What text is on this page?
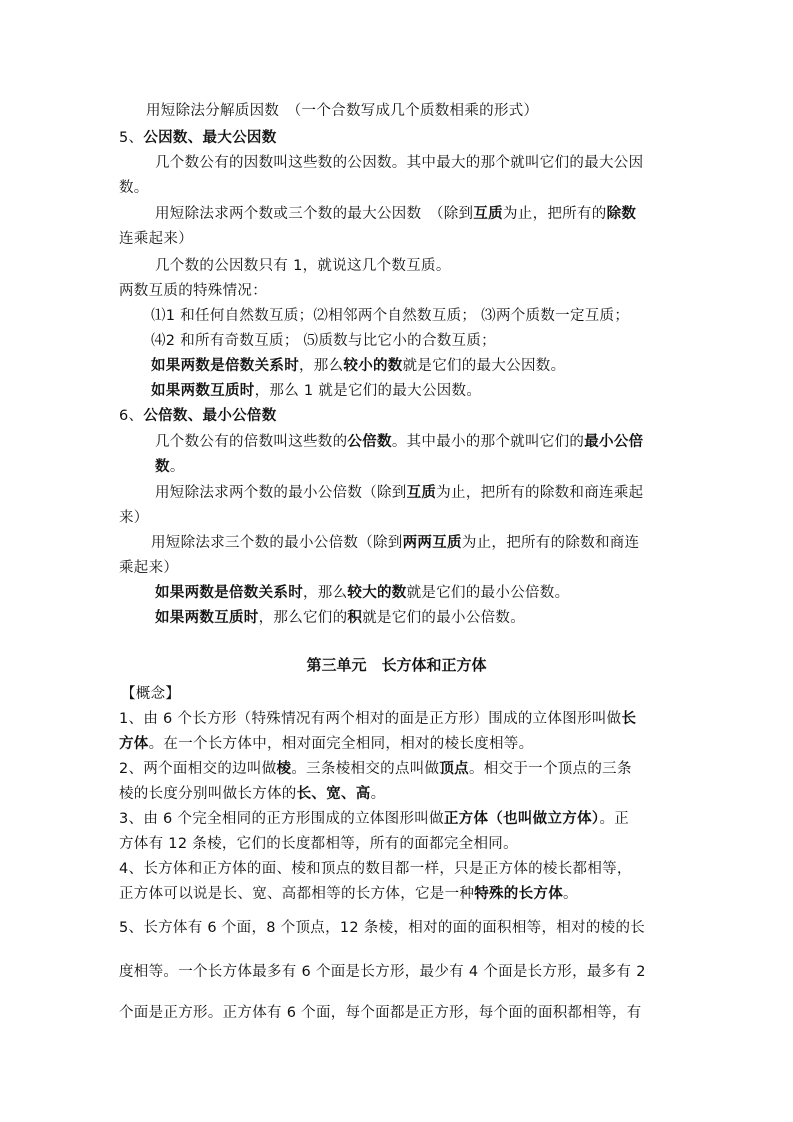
第三单元　长方体和正方体
用短除法分解质因数　（一个合数写成几个质数相乘的形式）
5、公因数、最大公因数
几个数公有的因数叫这些数的公因数。其中最大的那个就叫它们的最大公因
数。
用短除法求两个数或三个数的最大公因数　（除到互质为止，把所有的除数
连乘起来）
几个数的公因数只有 1，就说这几个数互质。
两数互质的特殊情况：
⑴1 和任何自然数互质；⑵相邻两个自然数互质； ⑶两个质数一定互质；
⑷2 和所有奇数互质； ⑸质数与比它小的合数互质；
如果两数是倍数关系时，那么较小的数就是它们的最大公因数。
如果两数互质时，那么 1 就是它们的最大公因数。
6、公倍数、最小公倍数
几个数公有的倍数叫这些数的公倍数。其中最小的那个就叫它们的最小公倍
数。
用短除法求两个数的最小公倍数（除到互质为止，把所有的除数和商连乘起
来）
用短除法求三个数的最小公倍数（除到两两互质为止，把所有的除数和商连
乘起来）
如果两数是倍数关系时，那么较大的数就是它们的最小公倍数。
如果两数互质时，那么它们的积就是它们的最小公倍数。
【概念】
1、由 6 个长方形（特殊情况有两个相对的面是正方形）围成的立体图形叫做长
方体。在一个长方体中，相对面完全相同，相对的棱长度相等。
2、两个面相交的边叫做棱。三条棱相交的点叫做顶点。相交于一个顶点的三条
棱的长度分别叫做长方体的长、宽、高。
3、由 6 个完全相同的正方形围成的立体图形叫做正方体（也叫做立方体）。正
方体有 12 条棱，它们的长度都相等，所有的面都完全相同。
4、长方体和正方体的面、棱和顶点的数目都一样，只是正方体的棱长都相等，
正方体可以说是长、宽、高都相等的长方体，它是一种特殊的长方体。
5、长方体有 6 个面，8 个顶点，12 条棱，相对的面的面积相等，相对的棱的长
度相等。一个长方体最多有 6 个面是长方形，最少有 4 个面是长方形，最多有 2
个面是正方形。正方体有 6 个面，每个面都是正方形，每个面的面积都相等，有
